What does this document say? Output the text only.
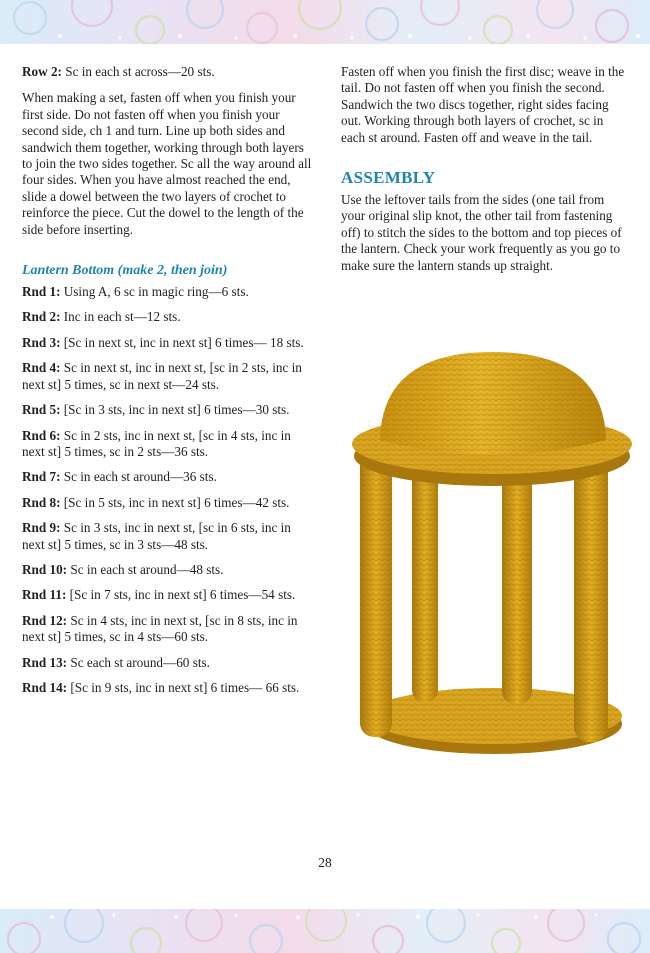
Row 2: Sc in each st across—20 sts.

When making a set, fasten off when you finish your first side. Do not fasten off when you finish your second side, ch 1 and turn. Line up both sides and sandwich them together, working through both layers to join the two sides together. Sc all the way around all four sides. When you have almost reached the end, slide a dowel between the two layers of crochet to reinforce the piece. Cut the dowel to the length of the side before inserting.

Lantern Bottom (make 2, then join)

Rnd 1: Using A, 6 sc in magic ring—6 sts.

Rnd 2: Inc in each st—12 sts.

Rnd 3: [Sc in next st, inc in next st] 6 times— 18 sts.

Rnd 4: Sc in next st, inc in next st, [sc in 2 sts, inc in next st] 5 times, sc in next st—24 sts.

Rnd 5: [Sc in 3 sts, inc in next st] 6 times—30 sts.

Rnd 6: Sc in 2 sts, inc in next st, [sc in 4 sts, inc in next st] 5 times, sc in 2 sts—36 sts.

Rnd 7: Sc in each st around—36 sts.

Rnd 8: [Sc in 5 sts, inc in next st] 6 times—42 sts.

Rnd 9: Sc in 3 sts, inc in next st, [sc in 6 sts, inc in next st] 5 times, sc in 3 sts—48 sts.

Rnd 10: Sc in each st around—48 sts.

Rnd 11: [Sc in 7 sts, inc in next st] 6 times—54 sts.

Rnd 12: Sc in 4 sts, inc in next st, [sc in 8 sts, inc in next st] 5 times, sc in 4 sts—60 sts.

Rnd 13: Sc each st around—60 sts.

Rnd 14: [Sc in 9 sts, inc in next st] 6 times— 66 sts.

Fasten off when you finish the first disc; weave in the tail. Do not fasten off when you finish the second. Sandwich the two discs together, right sides facing out. Working through both layers of crochet, sc in each st around. Fasten off and weave in the tail.

ASSEMBLY

Use the leftover tails from the sides (one tail from your original slip knot, the other tail from fastening off) to stitch the sides to the bottom and top pieces of the lantern. Check your work frequently as you go to make sure the lantern stands up straight.

28
